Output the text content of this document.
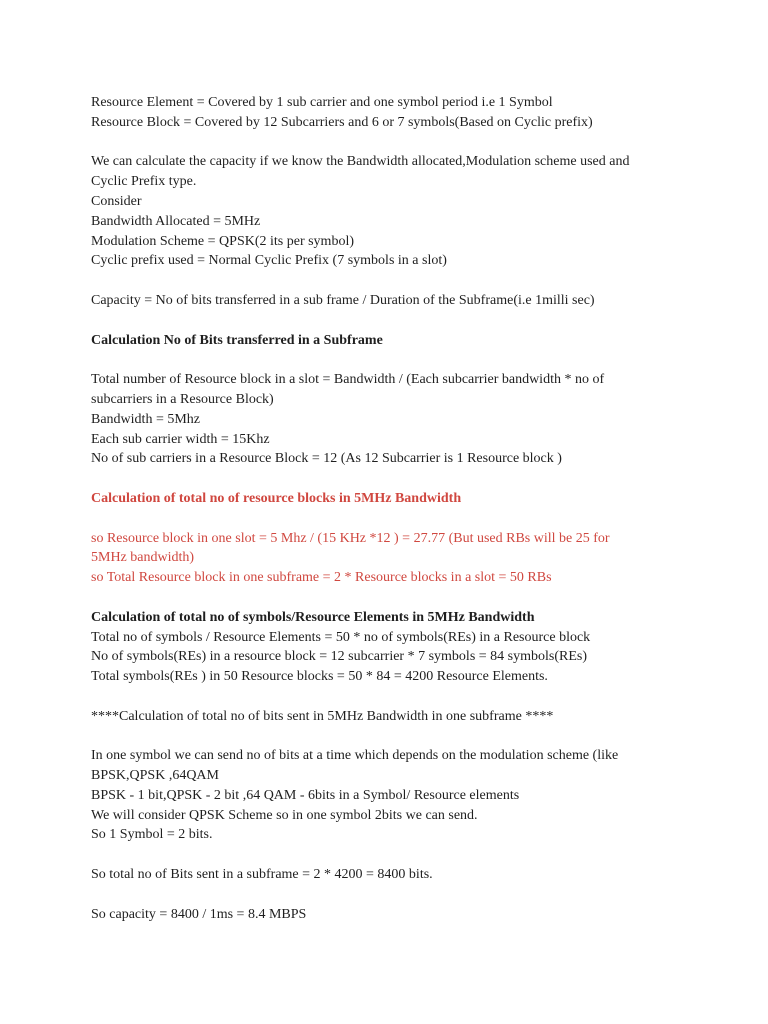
Resource Element = Covered by 1 sub carrier and one symbol period i.e 1 Symbol
Resource Block = Covered by 12 Subcarriers and 6 or 7 symbols(Based on Cyclic prefix)
We can calculate the capacity if we know the Bandwidth allocated,Modulation scheme used and
Cyclic Prefix type.
Consider
Bandwidth Allocated = 5MHz
Modulation Scheme = QPSK(2 its per symbol)
Cyclic prefix used = Normal Cyclic Prefix (7 symbols in a slot)
Capacity = No of bits transferred in a sub frame / Duration of the Subframe(i.e 1milli sec)
Calculation No of Bits transferred in a Subframe
Total number of Resource block in a slot = Bandwidth / (Each subcarrier bandwidth * no of
subcarriers in a Resource Block)
Bandwidth = 5Mhz
Each sub carrier width = 15Khz
No of sub carriers in a Resource Block = 12 (As 12 Subcarrier is 1 Resource block )
Calculation of total no of resource blocks in 5MHz Bandwidth
so Resource block in one slot = 5 Mhz / (15 KHz *12 ) = 27.77 (But used RBs will be 25 for
5MHz bandwidth)
so Total Resource block in one subframe = 2 * Resource blocks in a slot = 50 RBs
Calculation of total no of symbols/Resource Elements in 5MHz Bandwidth
Total no of symbols / Resource Elements = 50 * no of symbols(REs) in a Resource block
No of symbols(REs) in a resource block = 12 subcarrier * 7 symbols = 84 symbols(REs)
Total symbols(REs ) in 50 Resource blocks = 50 * 84 = 4200 Resource Elements.
****Calculation of total no of bits sent in 5MHz Bandwidth in one subframe ****
In one symbol we can send no of bits at a time which depends on the modulation scheme (like
BPSK,QPSK ,64QAM
BPSK - 1 bit,QPSK - 2 bit ,64 QAM - 6bits in a Symbol/ Resource elements
We will consider QPSK Scheme so in one symbol 2bits we can send.
So 1 Symbol = 2 bits.
So total no of Bits sent in a subframe = 2 * 4200 = 8400 bits.
So capacity = 8400 / 1ms = 8.4 MBPS
